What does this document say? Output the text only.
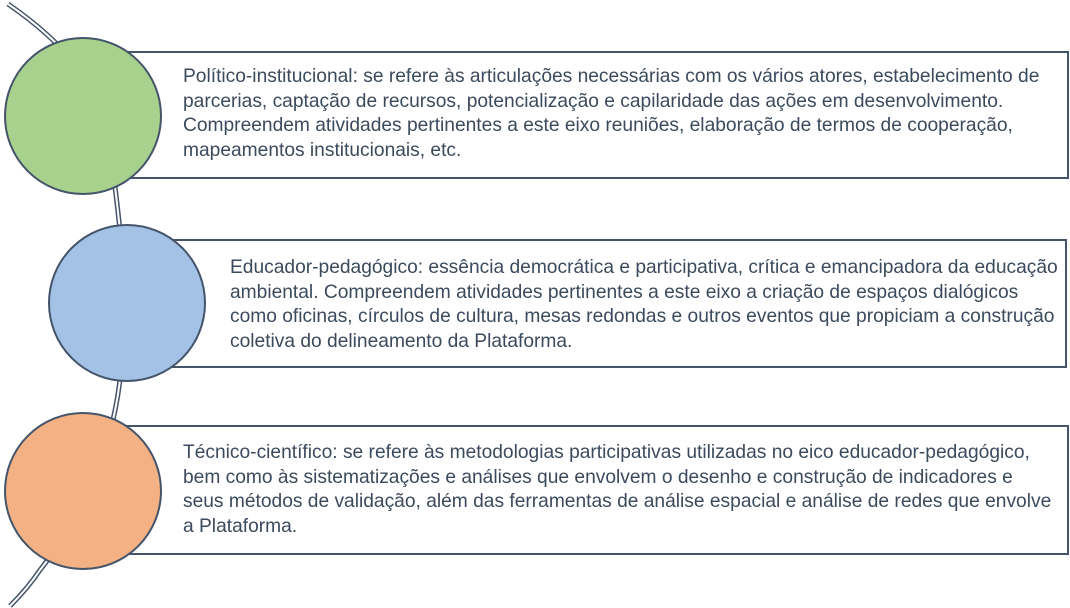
Político-institucional: se refere às articulações necessárias com os vários atores, estabelecimento de parcerias, captação de recursos, potencialização e capilaridade das ações em desenvolvimento. Compreendem atividades pertinentes a este eixo reuniões, elaboração de termos de cooperação, mapeamentos institucionais, etc.

Educador-pedagógico: essência democrática e participativa, crítica e emancipadora da educação ambiental. Compreendem atividades pertinentes a este eixo a criação de espaços dialógicos como oficinas, círculos de cultura, mesas redondas e outros eventos que propiciam a construção coletiva do delineamento da Plataforma.

Técnico-científico: se refere às metodologias participativas utilizadas no eico educador-pedagógico, bem como às sistematizações e análises que envolvem o desenho e construção de indicadores e seus métodos de validação, além das ferramentas de análise espacial e análise de redes que envolve a Plataforma.
